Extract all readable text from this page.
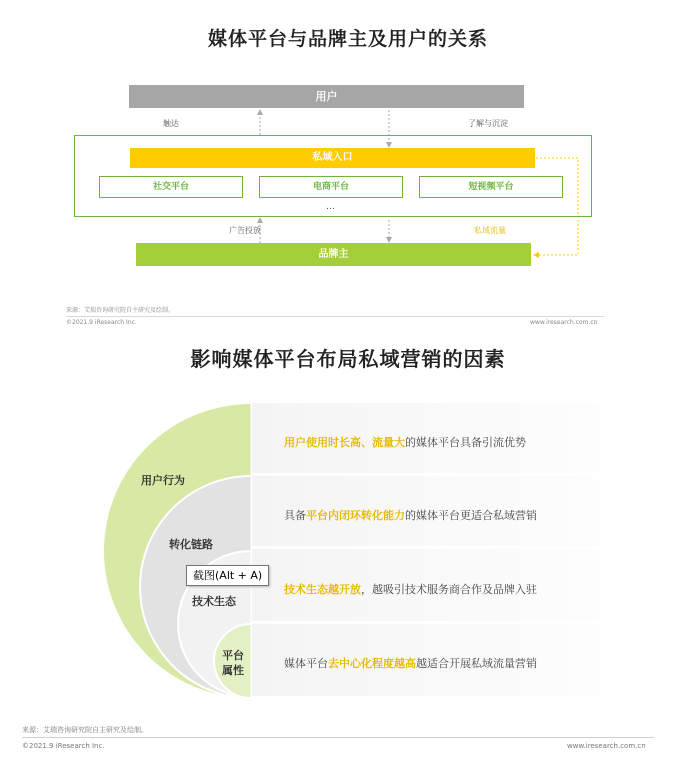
媒体平台与品牌主及用户的关系
用户
触达	了解与沉淀
私域入口
社交平台	电商平台	短视频平台
…
广告投放	私域流量
品牌主
来源：艾瑞咨询研究院自主研究及绘制。
©2021.9 iResearch Inc.	www.iresearch.com.cn
影响媒体平台布局私域营销的因素
用户行为
转化链路
技术生态
平台
属性
用户使用时长高、流量大的媒体平台具备引流优势
具备平台内闭环转化能力的媒体平台更适合私域营销
技术生态越开放，越吸引技术服务商合作及品牌入驻
媒体平台去中心化程度越高越适合开展私域流量营销
截图(Alt + A)
来源：艾瑞咨询研究院自主研究及绘制。
©2021.9 iResearch Inc.	www.iresearch.com.cn
